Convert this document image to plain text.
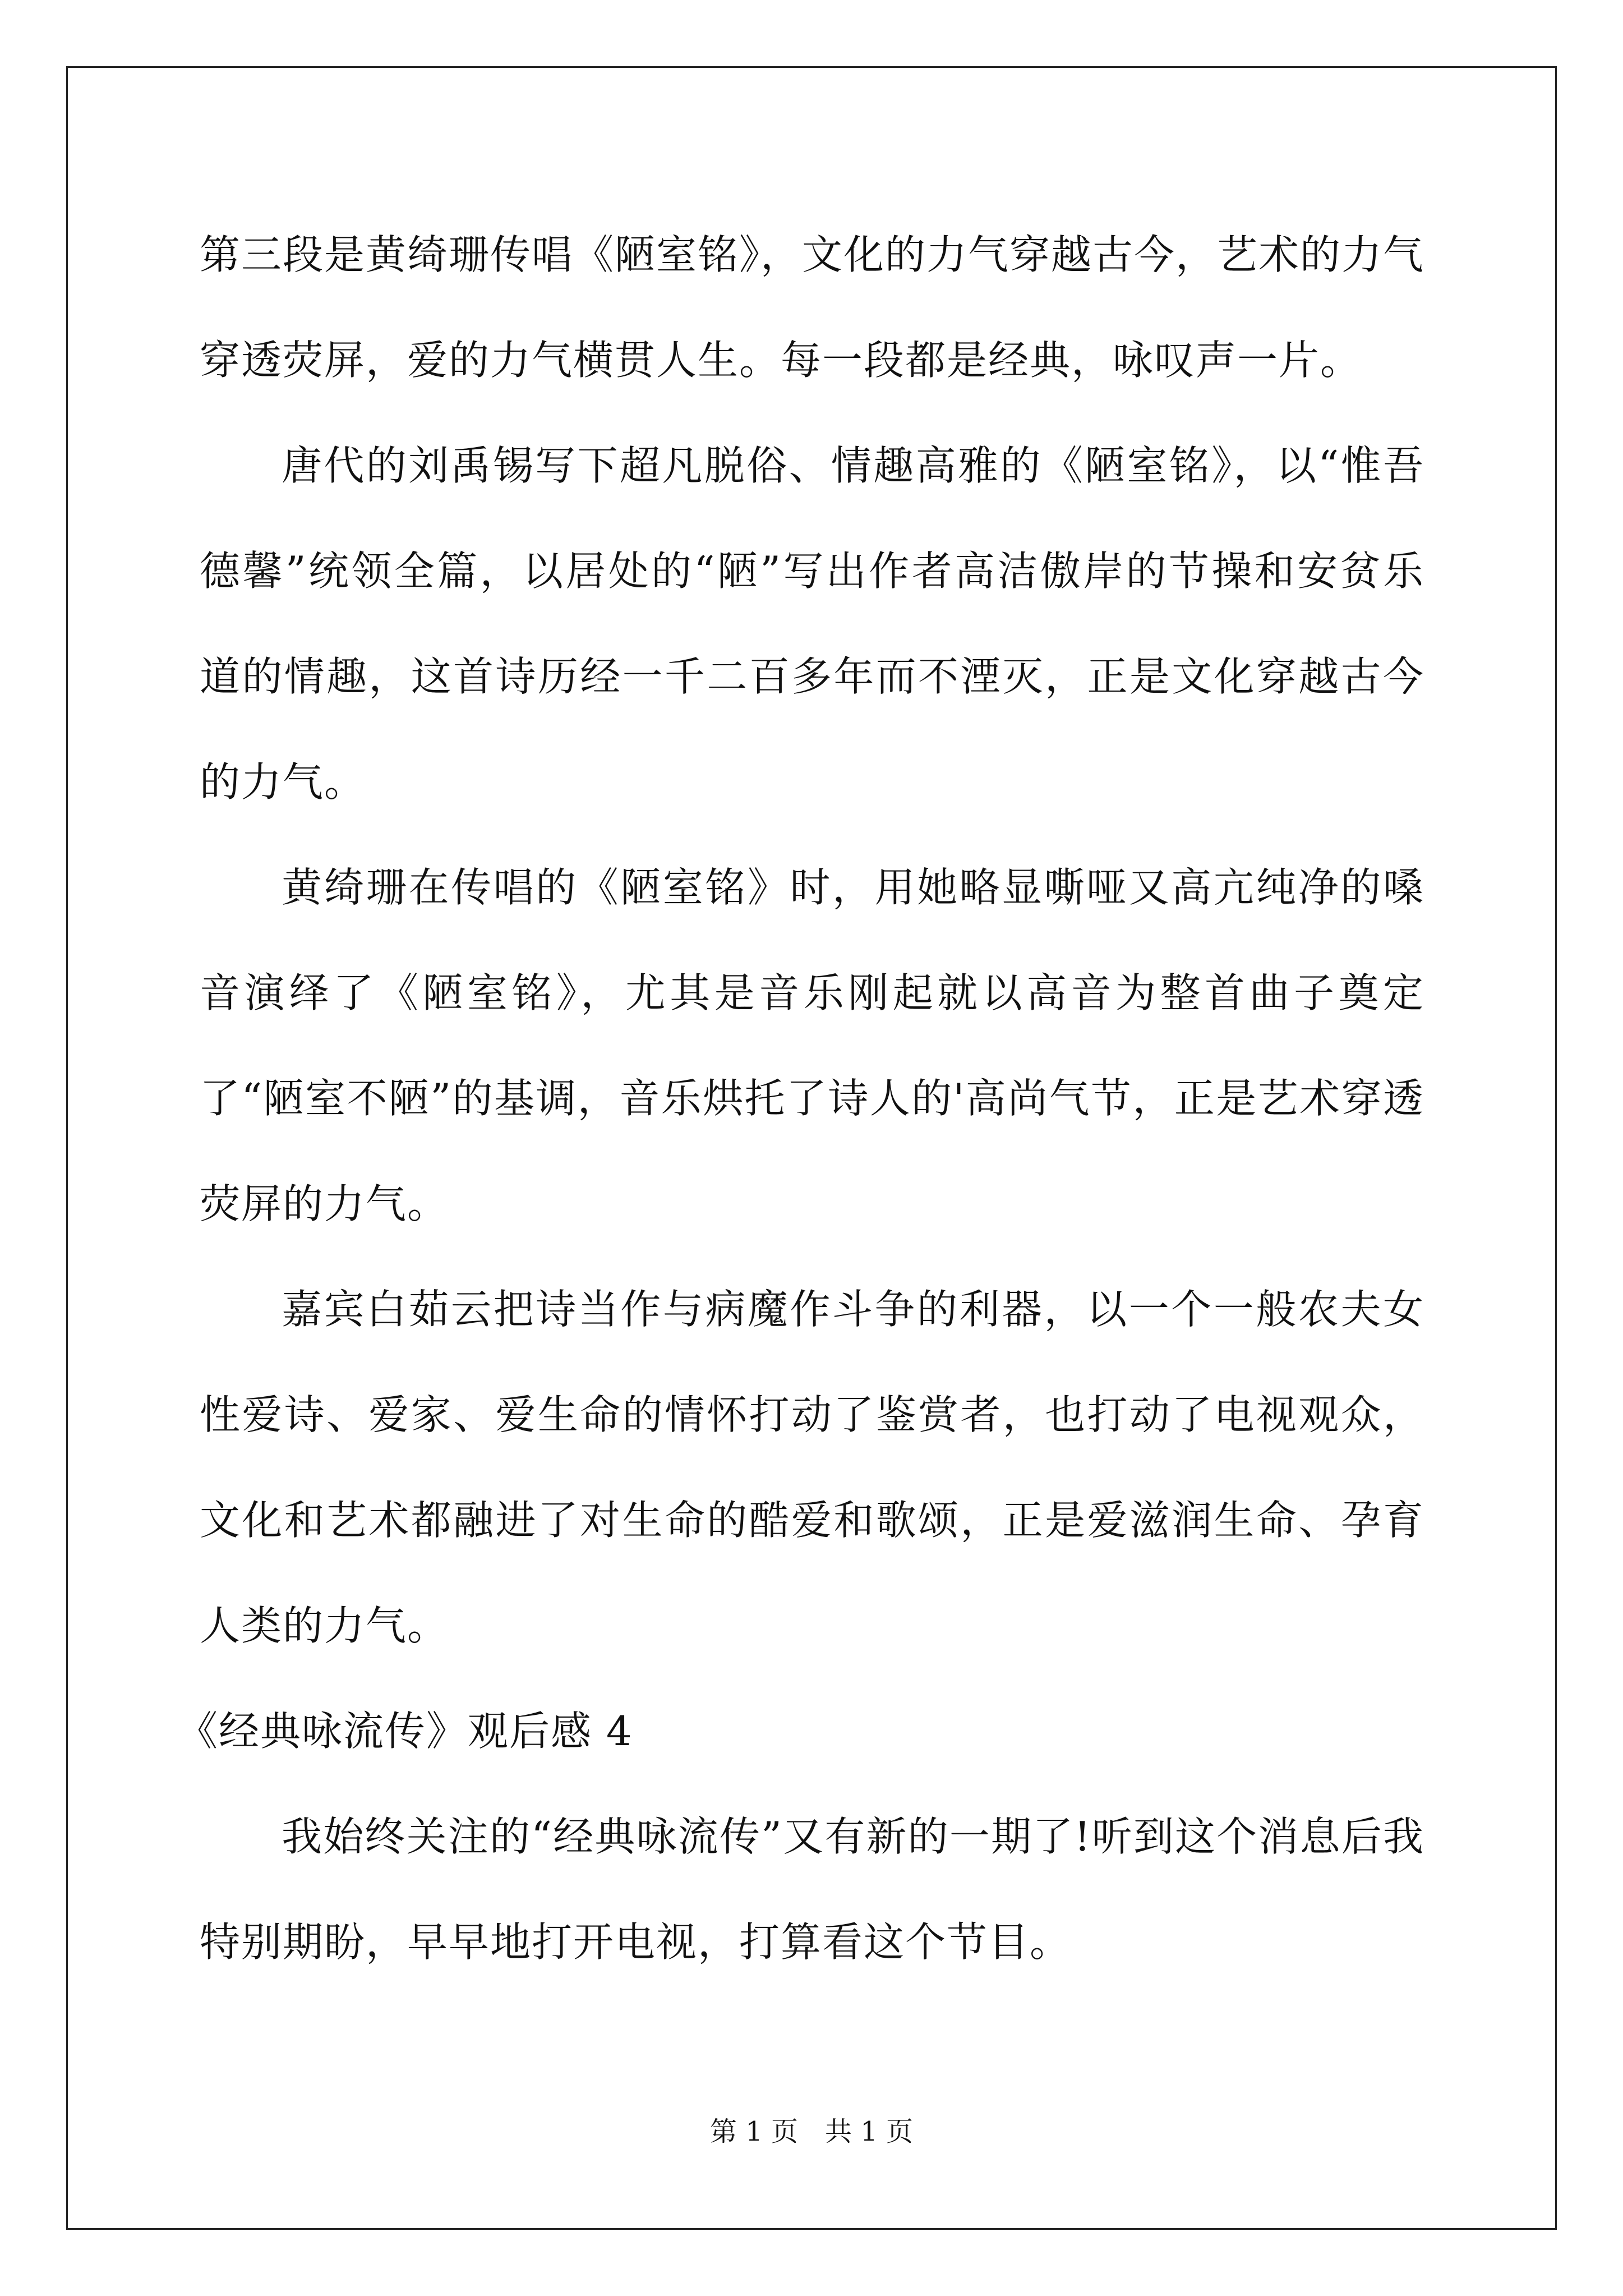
第三段是黄绮珊传唱《陋室铭》，文化的力气穿越古今，艺术的力气穿透荧屏，爱的力气横贯人生。每一段都是经典，咏叹声一片。

唐代的刘禹锡写下超凡脱俗、情趣高雅的《陋室铭》，以“惟吾德馨”统领全篇，以居处的“陋”写出作者高洁傲岸的节操和安贫乐道的情趣，这首诗历经一千二百多年而不湮灭，正是文化穿越古今的力气。

黄绮珊在传唱的《陋室铭》时，用她略显嘶哑又高亢纯净的嗓音演绎了《陋室铭》，尤其是音乐刚起就以高音为整首曲子奠定了“陋室不陋”的基调，音乐烘托了诗人的'高尚气节，正是艺术穿透荧屏的力气。

嘉宾白茹云把诗当作与病魔作斗争的利器，以一个一般农夫女性爱诗、爱家、爱生命的情怀打动了鉴赏者，也打动了电视观众，文化和艺术都融进了对生命的酷爱和歌颂，正是爱滋润生命、孕育人类的力气。

《经典咏流传》观后感 4

我始终关注的“经典咏流传”又有新的一期了!听到这个消息后我特别期盼，早早地打开电视，打算看这个节目。

第 1 页 共 1 页
